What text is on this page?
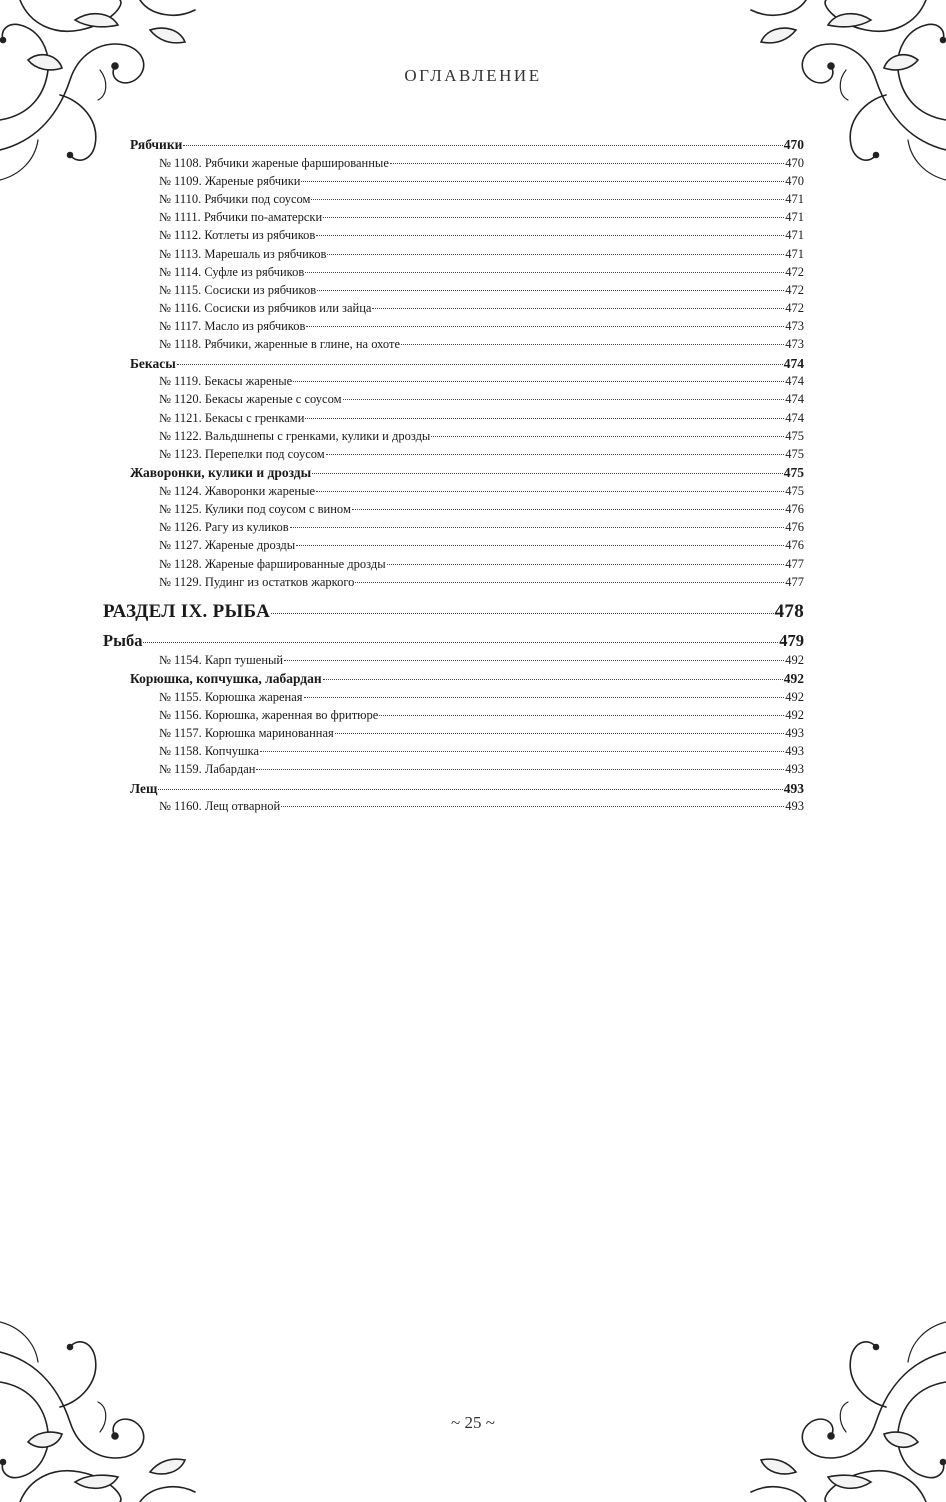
ОГЛАВЛЕНИЕ
Рябчики	470
№ 1108. Рябчики жареные фаршированные	470
№ 1109. Жареные рябчики	470
№ 1110. Рябчики под соусом	471
№ 1111. Рябчики по-аматерски	471
№ 1112. Котлеты из рябчиков	471
№ 1113. Марешаль из рябчиков	471
№ 1114. Суфле из рябчиков	472
№ 1115. Сосиски из рябчиков	472
№ 1116. Сосиски из рябчиков или зайца	472
№ 1117. Масло из рябчиков	473
№ 1118. Рябчики, жаренные в глине, на охоте	473
Бекасы	474
№ 1119. Бекасы жареные	474
№ 1120. Бекасы жареные с соусом	474
№ 1121. Бекасы с гренками	474
№ 1122. Вальдшнепы с гренками, кулики и дрозды	475
№ 1123. Перепелки под соусом	475
Жаворонки, кулики и дрозды	475
№ 1124. Жаворонки жареные	475
№ 1125. Кулики под соусом с вином	476
№ 1126. Рагу из куликов	476
№ 1127. Жареные дрозды	476
№ 1128. Жареные фаршированные дрозды	477
№ 1129. Пудинг из остатков жаркого	477
РАЗДЕЛ IX. РЫБА	478
Рыба	479
№ 1154. Карп тушеный	492
Корюшка, копчушка, лабардан	492
№ 1155. Корюшка жареная	492
№ 1156. Корюшка, жаренная во фритюре	492
№ 1157. Корюшка маринованная	493
№ 1158. Копчушка	493
№ 1159. Лабардан	493
Лещ	493
№ 1160. Лещ отварной	493
~ 25 ~
